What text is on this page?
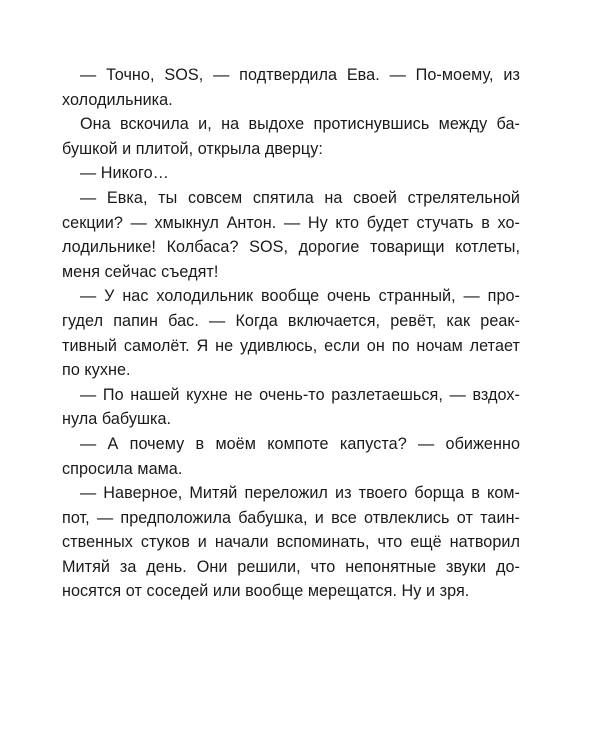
— Точно, SOS, — подтвердила Ева. — По-моему, из
холодильника.
Она вскочила и, на выдохе протиснувшись между ба-
бушкой и плитой, открыла дверцу:
— Никого…
— Евка, ты совсем спятила на своей стрелятельной
секции? — хмыкнул Антон. — Ну кто будет стучать в хо-
лодильнике! Колбаса? SOS, дорогие товарищи котлеты,
меня сейчас съедят!
— У нас холодильник вообще очень странный, — про-
гудел папин бас. — Когда включается, ревёт, как реак-
тивный самолёт. Я не удивлюсь, если он по ночам летает
по кухне.
— По нашей кухне не очень-то разлетаешься, — вздох-
нула бабушка.
— А почему в моём компоте капуста? — обиженно
спросила мама.
— Наверное, Митяй переложил из твоего борща в ком-
пот, — предположила бабушка, и все отвлеклись от таин-
ственных стуков и начали вспоминать, что ещё натворил
Митяй за день. Они решили, что непонятные звуки до-
носятся от соседей или вообще мерещатся. Ну и зря.
